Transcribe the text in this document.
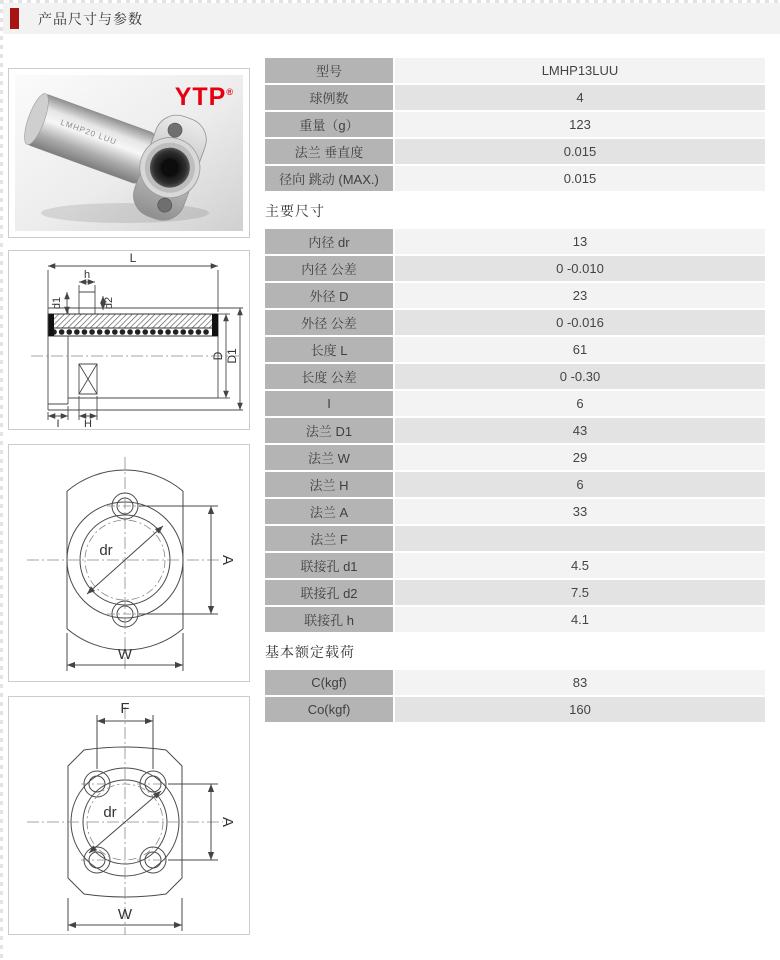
产品尺寸与参数
LMHP20 LUU
YTP®
L
h
d1	d2
D D1
I H
dr
A
W
F
dr
A
W
型号	LMHP13LUU
球例数	4
重量（g）	123
法兰 垂直度	0.015
径向 跳动 (MAX.)	0.015
主要尺寸
内径 dr	13
内径 公差	0 -0.010
外径 D	23
外径 公差	0 -0.016
长度 L	61
长度 公差	0 -0.30
I	6
法兰 D1	43
法兰 W	29
法兰 H	6
法兰 A	33
法兰 F
联接孔 d1	4.5
联接孔 d2	7.5
联接孔 h	4.1
基本额定载荷
C(kgf)	83
Co(kgf)	160
